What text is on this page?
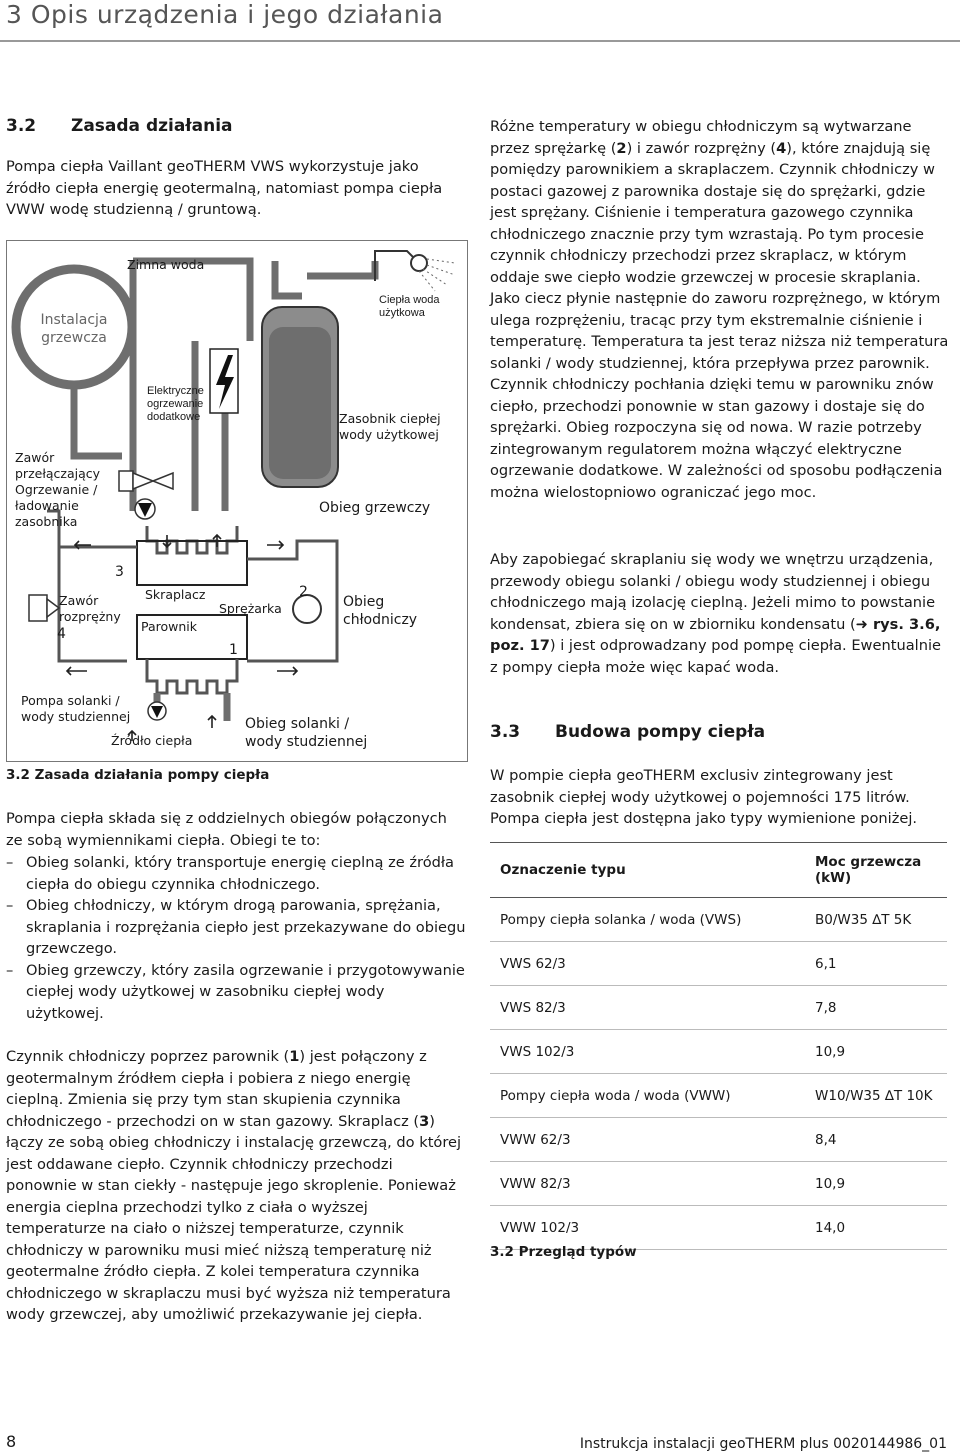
3 Opis urządzenia i jego działania
3.2 Zasada działania
Pompa ciepła Vaillant geoTHERM VWS wykorzystuje jako źródło ciepła energię geotermalną, natomiast pompa ciepła VWW wodę studzienną / gruntową.
Zimna woda
Instalacja grzewcza
Elektryczne ogrzewanie dodatkowe
Ciepła woda użytkowa
Zasobnik ciepłej wody użytkowej
Zawór przełączający Ogrzewanie / ładowanie zasobnika
Obieg grzewczy
3
Zawór rozprężny
4
Skraplacz
Parownik
Sprężarka
2
1
Obieg chłodniczy
Pompa solanki / wody studziennej
Źródło ciepła
Obieg solanki / wody studziennej
3.2 Zasada działania pompy ciepła
Pompa ciepła składa się z oddzielnych obiegów połączonych ze sobą wymiennikami ciepła. Obiegi te to:
– Obieg solanki, który transportuje energię cieplną ze źródła ciepła do obiegu czynnika chłodniczego.
– Obieg chłodniczy, w którym drogą parowania, sprężania, skraplania i rozprężania ciepło jest przekazywane do obiegu grzewczego.
– Obieg grzewczy, który zasila ogrzewanie i przygotowywanie ciepłej wody użytkowej w zasobniku ciepłej wody użytkowej.
Czynnik chłodniczy poprzez parownik (1) jest połączony z geotermalnym źródłem ciepła i pobiera z niego energię cieplną. Zmienia się przy tym stan skupienia czynnika chłodniczego - przechodzi on w stan gazowy. Skraplacz (3) łączy ze sobą obieg chłodniczy i instalację grzewczą, do której jest oddawane ciepło. Czynnik chłodniczy przechodzi ponownie w stan ciekły - następuje jego skroplenie. Ponieważ energia cieplna przechodzi tylko z ciała o wyższej temperaturze na ciało o niższej temperaturze, czynnik chłodniczy w parowniku musi mieć niższą temperaturę niż geotermalne źródło ciepła. Z kolei temperatura czynnika chłodniczego w skraplaczu musi być wyższa niż temperatura wody grzewczej, aby umożliwić przekazywanie jej ciepła.
Różne temperatury w obiegu chłodniczym są wytwarzane przez sprężarkę (2) i zawór rozprężny (4), które znajdują się pomiędzy parownikiem a skraplaczem. Czynnik chłodniczy w postaci gazowej z parownika dostaje się do sprężarki, gdzie jest sprężany. Ciśnienie i temperatura gazowego czynnika chłodniczego znacznie przy tym wzrastają. Po tym procesie czynnik chłodniczy przechodzi przez skraplacz, w którym oddaje swe ciepło wodzie grzewczej w procesie skraplania. Jako ciecz płynie następnie do zaworu rozprężnego, w którym ulega rozprężeniu, tracąc przy tym ekstremalnie ciśnienie i temperaturę. Temperatura ta jest teraz niższa niż temperatura solanki / wody studziennej, która przepływa przez parownik. Czynnik chłodniczy pochłania dzięki temu w parowniku znów ciepło, przechodzi ponownie w stan gazowy i dostaje się do sprężarki. Obieg rozpoczyna się od nowa. W razie potrzeby zintegrowanym regulatorem można włączyć elektryczne ogrzewanie dodatkowe. W zależności od sposobu podłączenia można wielostopniowo ograniczać jego moc.
Aby zapobiegać skraplaniu się wody we wnętrzu urządzenia, przewody obiegu solanki / obiegu wody studziennej i obiegu chłodniczego mają izolację cieplną. Jeżeli mimo to powstanie kondensat, zbiera się on w zbiorniku kondensatu (➜ rys. 3.6, poz. 17) i jest odprowadzany pod pompę ciepła. Ewentualnie z pompy ciepła może więc kapać woda.
3.3 Budowa pompy ciepła
W pompie ciepła geoTHERM exclusiv zintegrowany jest zasobnik ciepłej wody użytkowej o pojemności 175 litrów. Pompa ciepła jest dostępna jako typy wymienione poniżej.
Oznaczenie typu	Moc grzewcza (kW)
Pompy ciepła solanka / woda (VWS)	B0/W35 ∆T 5K
VWS 62/3	6,1
VWS 82/3	7,8
VWS 102/3	10,9
Pompy ciepła woda / woda (VWW)	W10/W35 ∆T 10K
VWW 62/3	8,4
VWW 82/3	10,9
VWW 102/3	14,0
3.2 Przegląd typów
8	Instrukcja instalacji geoTHERM plus 0020144986_01
